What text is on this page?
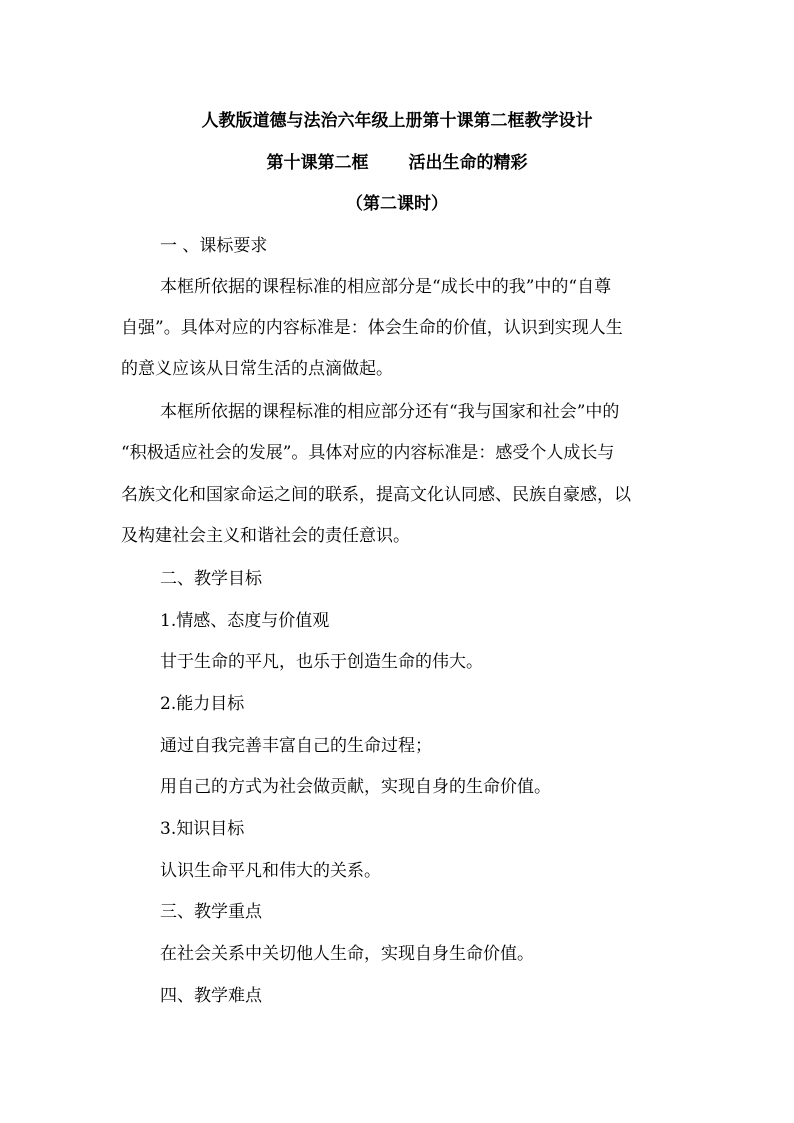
人教版道德与法治六年级上册第十课第二框教学设计
第十课第二框 活出生命的精彩
（第二课时）
一 、课标要求
本框所依据的课程标准的相应部分是“成长中的我”中的“自尊
自强”。具体对应的内容标准是：体会生命的价值，认识到实现人生
的意义应该从日常生活的点滴做起。
本框所依据的课程标准的相应部分还有“我与国家和社会”中的
“积极适应社会的发展”。具体对应的内容标准是：感受个人成长与
名族文化和国家命运之间的联系，提高文化认同感、民族自豪感，以
及构建社会主义和谐社会的责任意识。
二、教学目标
1.情感、态度与价值观
甘于生命的平凡，也乐于创造生命的伟大。
2.能力目标
通过自我完善丰富自己的生命过程；
用自己的方式为社会做贡献，实现自身的生命价值。
3.知识目标
认识生命平凡和伟大的关系。
三、教学重点
在社会关系中关切他人生命，实现自身生命价值。
四、教学难点
